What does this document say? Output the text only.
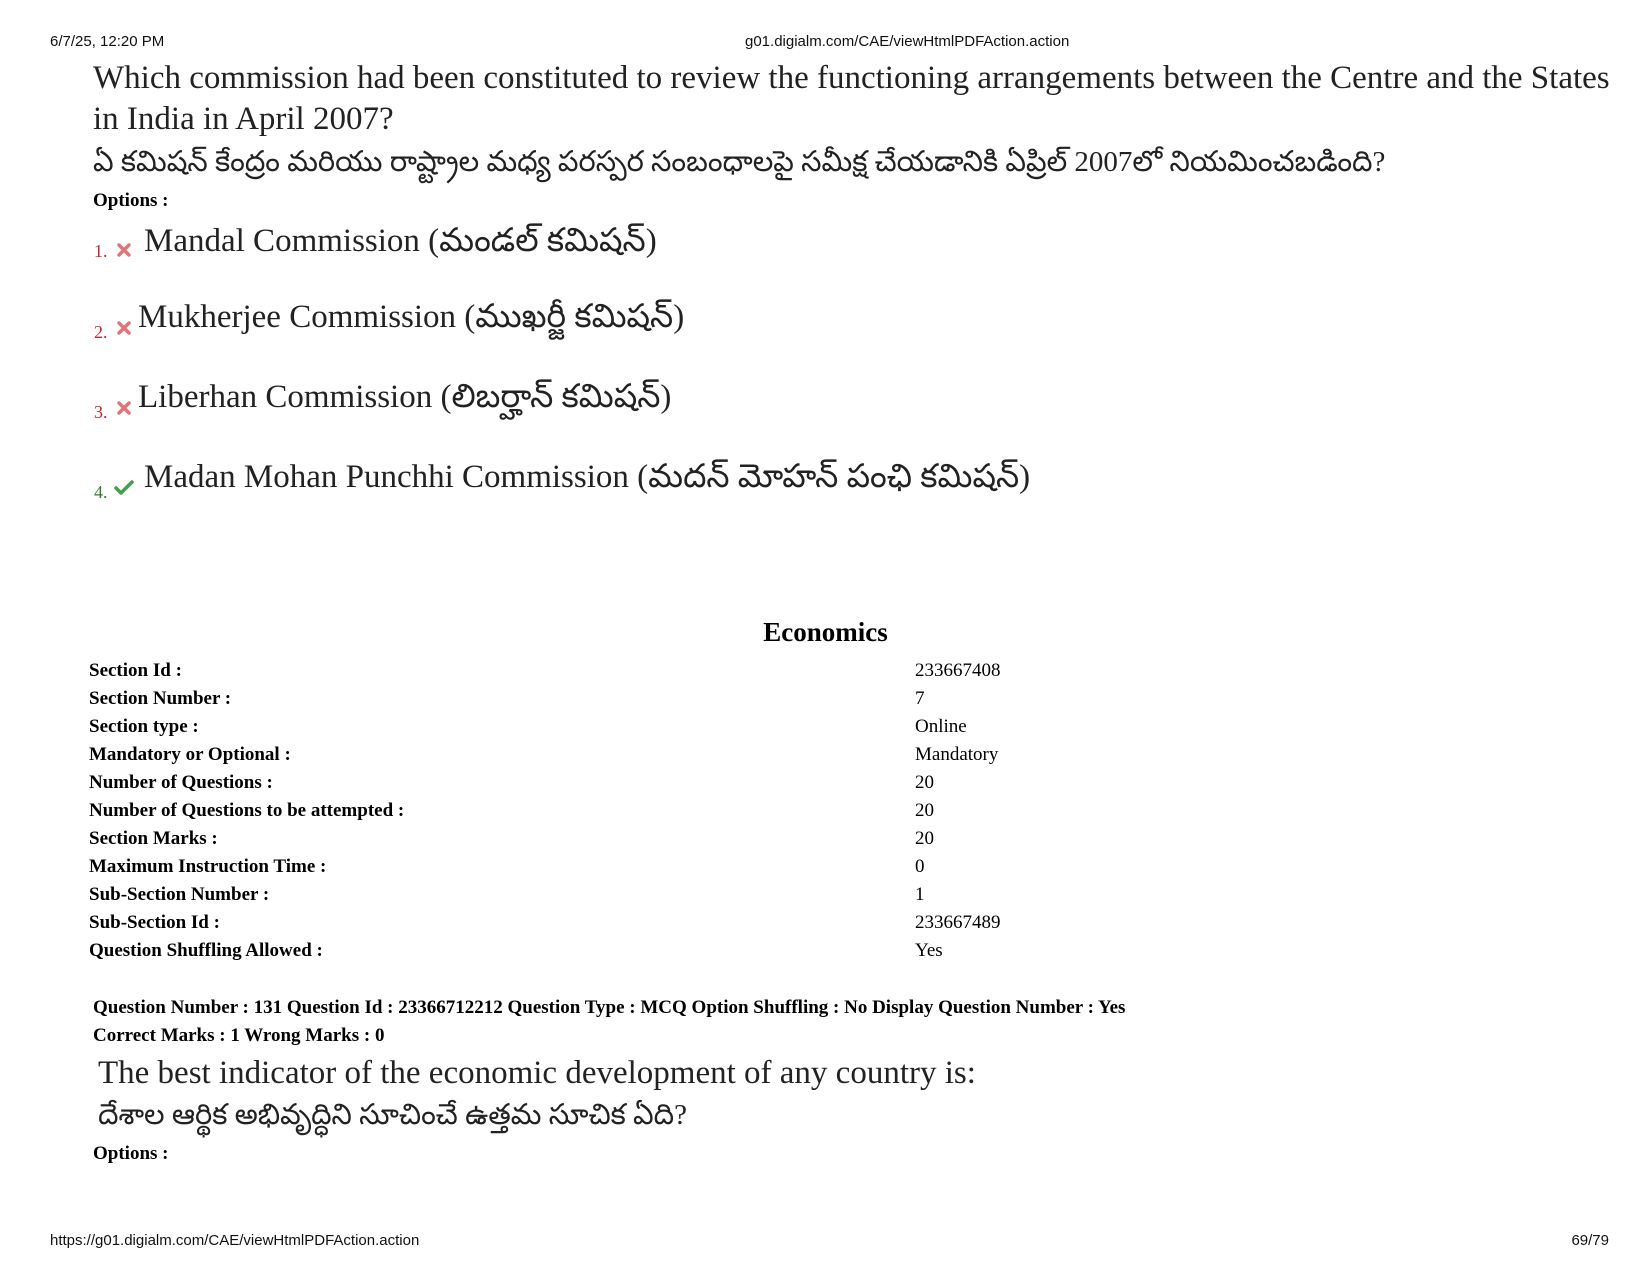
6/7/25, 12:20 PM	g01.digialm.com/CAE/viewHtmlPDFAction.action
Which commission had been constituted to review the functioning arrangements between the Centre and the States in India in April 2007?
ఏ కమిషన్ కేంద్రం మరియు రాష్ట్రాల మధ్య పరస్పర సంబంధాలపై సమీక్ష చేయడానికి ఏప్రిల్ 2007లో నియమించబడింది?
Options :
1. Mandal Commission (మండల్ కమిషన్)
2. Mukherjee Commission (ముఖర్జీ కమిషన్)
3. Liberhan Commission (లిబర్హాన్ కమిషన్)
4. Madan Mohan Punchhi Commission (మదన్ మోహన్ పంఛి కమిషన్)
Economics
Section Id :	233667408
Section Number :	7
Section type :	Online
Mandatory or Optional :	Mandatory
Number of Questions :	20
Number of Questions to be attempted :	20
Section Marks :	20
Maximum Instruction Time :	0
Sub-Section Number :	1
Sub-Section Id :	233667489
Question Shuffling Allowed :	Yes
Question Number : 131 Question Id : 23366712212 Question Type : MCQ Option Shuffling : No Display Question Number : Yes
Correct Marks : 1 Wrong Marks : 0
The best indicator of the economic development of any country is:
దేశాల ఆర్థిక అభివృద్ధిని సూచించే ఉత్తమ సూచిక ఏది?
Options :
https://g01.digialm.com/CAE/viewHtmlPDFAction.action	69/79
